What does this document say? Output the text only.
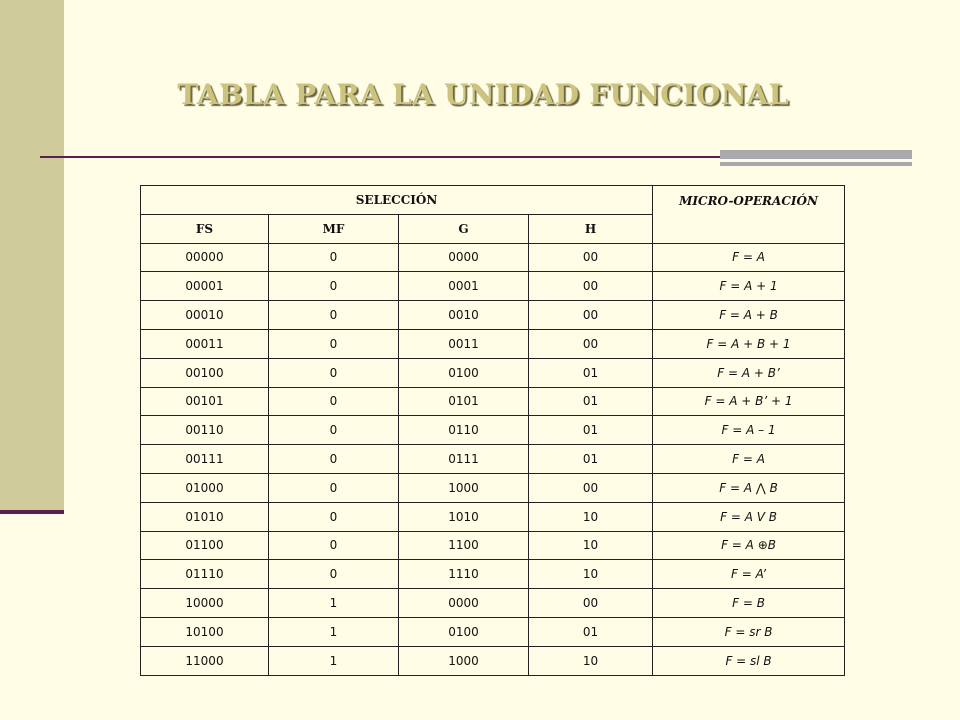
TABLA PARA LA UNIDAD FUNCIONAL
SELECCIÓN				MICRO-OPERACIÓN
FS	MF	G	H	
00000	0	0000	00	F = A
00001	0	0001	00	F = A + 1
00010	0	0010	00	F = A + B
00011	0	0011	00	F = A + B + 1
00100	0	0100	01	F = A + B’
00101	0	0101	01	F = A + B’ + 1
00110	0	0110	01	F = A – 1
00111	0	0111	01	F = A
01000	0	1000	00	F = A ⋀ B
01010	0	1010	10	F = A V B
01100	0	1100	10	F = A ⊕B
01110	0	1110	10	F = A’
10000	1	0000	00	F = B
10100	1	0100	01	F = sr B
11000	1	1000	10	F = sl B
